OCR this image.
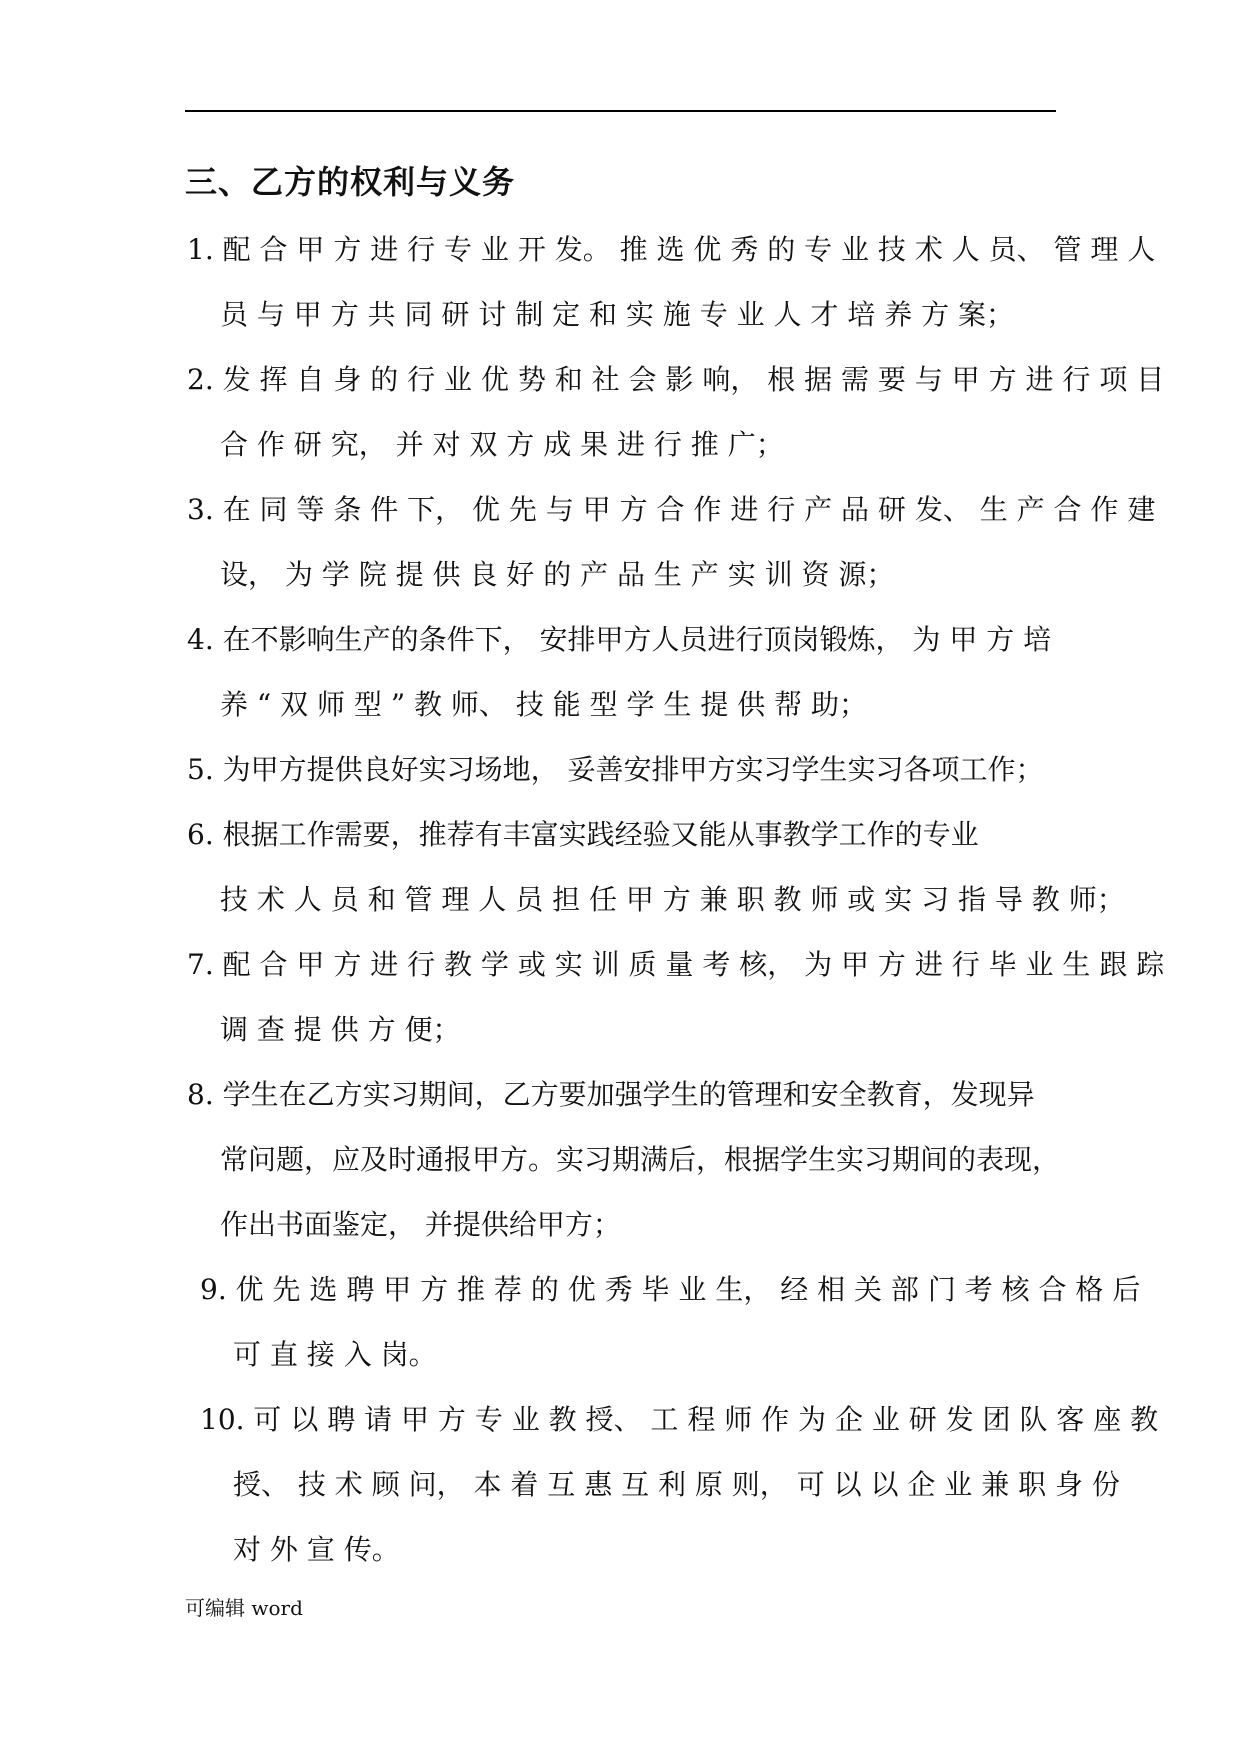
三、乙方的权利与义务
1. 配 合 甲 方 进 行 专 业 开 发。 推 选 优 秀 的 专 业 技 术 人 员、 管 理 人
员 与 甲 方 共 同 研 讨 制 定 和 实 施 专 业 人 才 培 养 方 案；
2. 发 挥 自 身 的 行 业 优 势 和 社 会 影 响， 根 据 需 要 与 甲 方 进 行 项 目
合 作 研 究， 并 对 双 方 成 果 进 行 推 广；
3. 在 同 等 条 件 下， 优 先 与 甲 方 合 作 进 行 产 品 研 发、 生 产 合 作 建
设， 为 学 院 提 供 良 好 的 产 品 生 产 实 训 资 源；
4. 在不影响生产的条件下， 安排甲方人员进行顶岗锻炼， 为 甲 方 培
养 “ 双 师 型 ” 教 师、 技 能 型 学 生 提 供 帮 助；
5. 为甲方提供良好实习场地， 妥善安排甲方实习学生实习各项工作；
6. 根据工作需要，推荐有丰富实践经验又能从事教学工作的专业
技 术 人 员 和 管 理 人 员 担 任 甲 方 兼 职 教 师 或 实 习 指 导 教 师；
7. 配 合 甲 方 进 行 教 学 或 实 训 质 量 考 核， 为 甲 方 进 行 毕 业 生 跟 踪
调 查 提 供 方 便；
8. 学生在乙方实习期间，乙方要加强学生的管理和安全教育，发现异
常问题，应及时通报甲方。实习期满后，根据学生实习期间的表现，
作出书面鉴定， 并提供给甲方；
9. 优 先 选 聘 甲 方 推 荐 的 优 秀 毕 业 生， 经 相 关 部 门 考 核 合 格 后
可 直 接 入 岗。
10. 可 以 聘 请 甲 方 专 业 教 授、 工 程 师 作 为 企 业 研 发 团 队 客 座 教
授、 技 术 顾 问， 本 着 互 惠 互 利 原 则， 可 以 以 企 业 兼 职 身 份
对 外 宣 传。
可编辑 word
